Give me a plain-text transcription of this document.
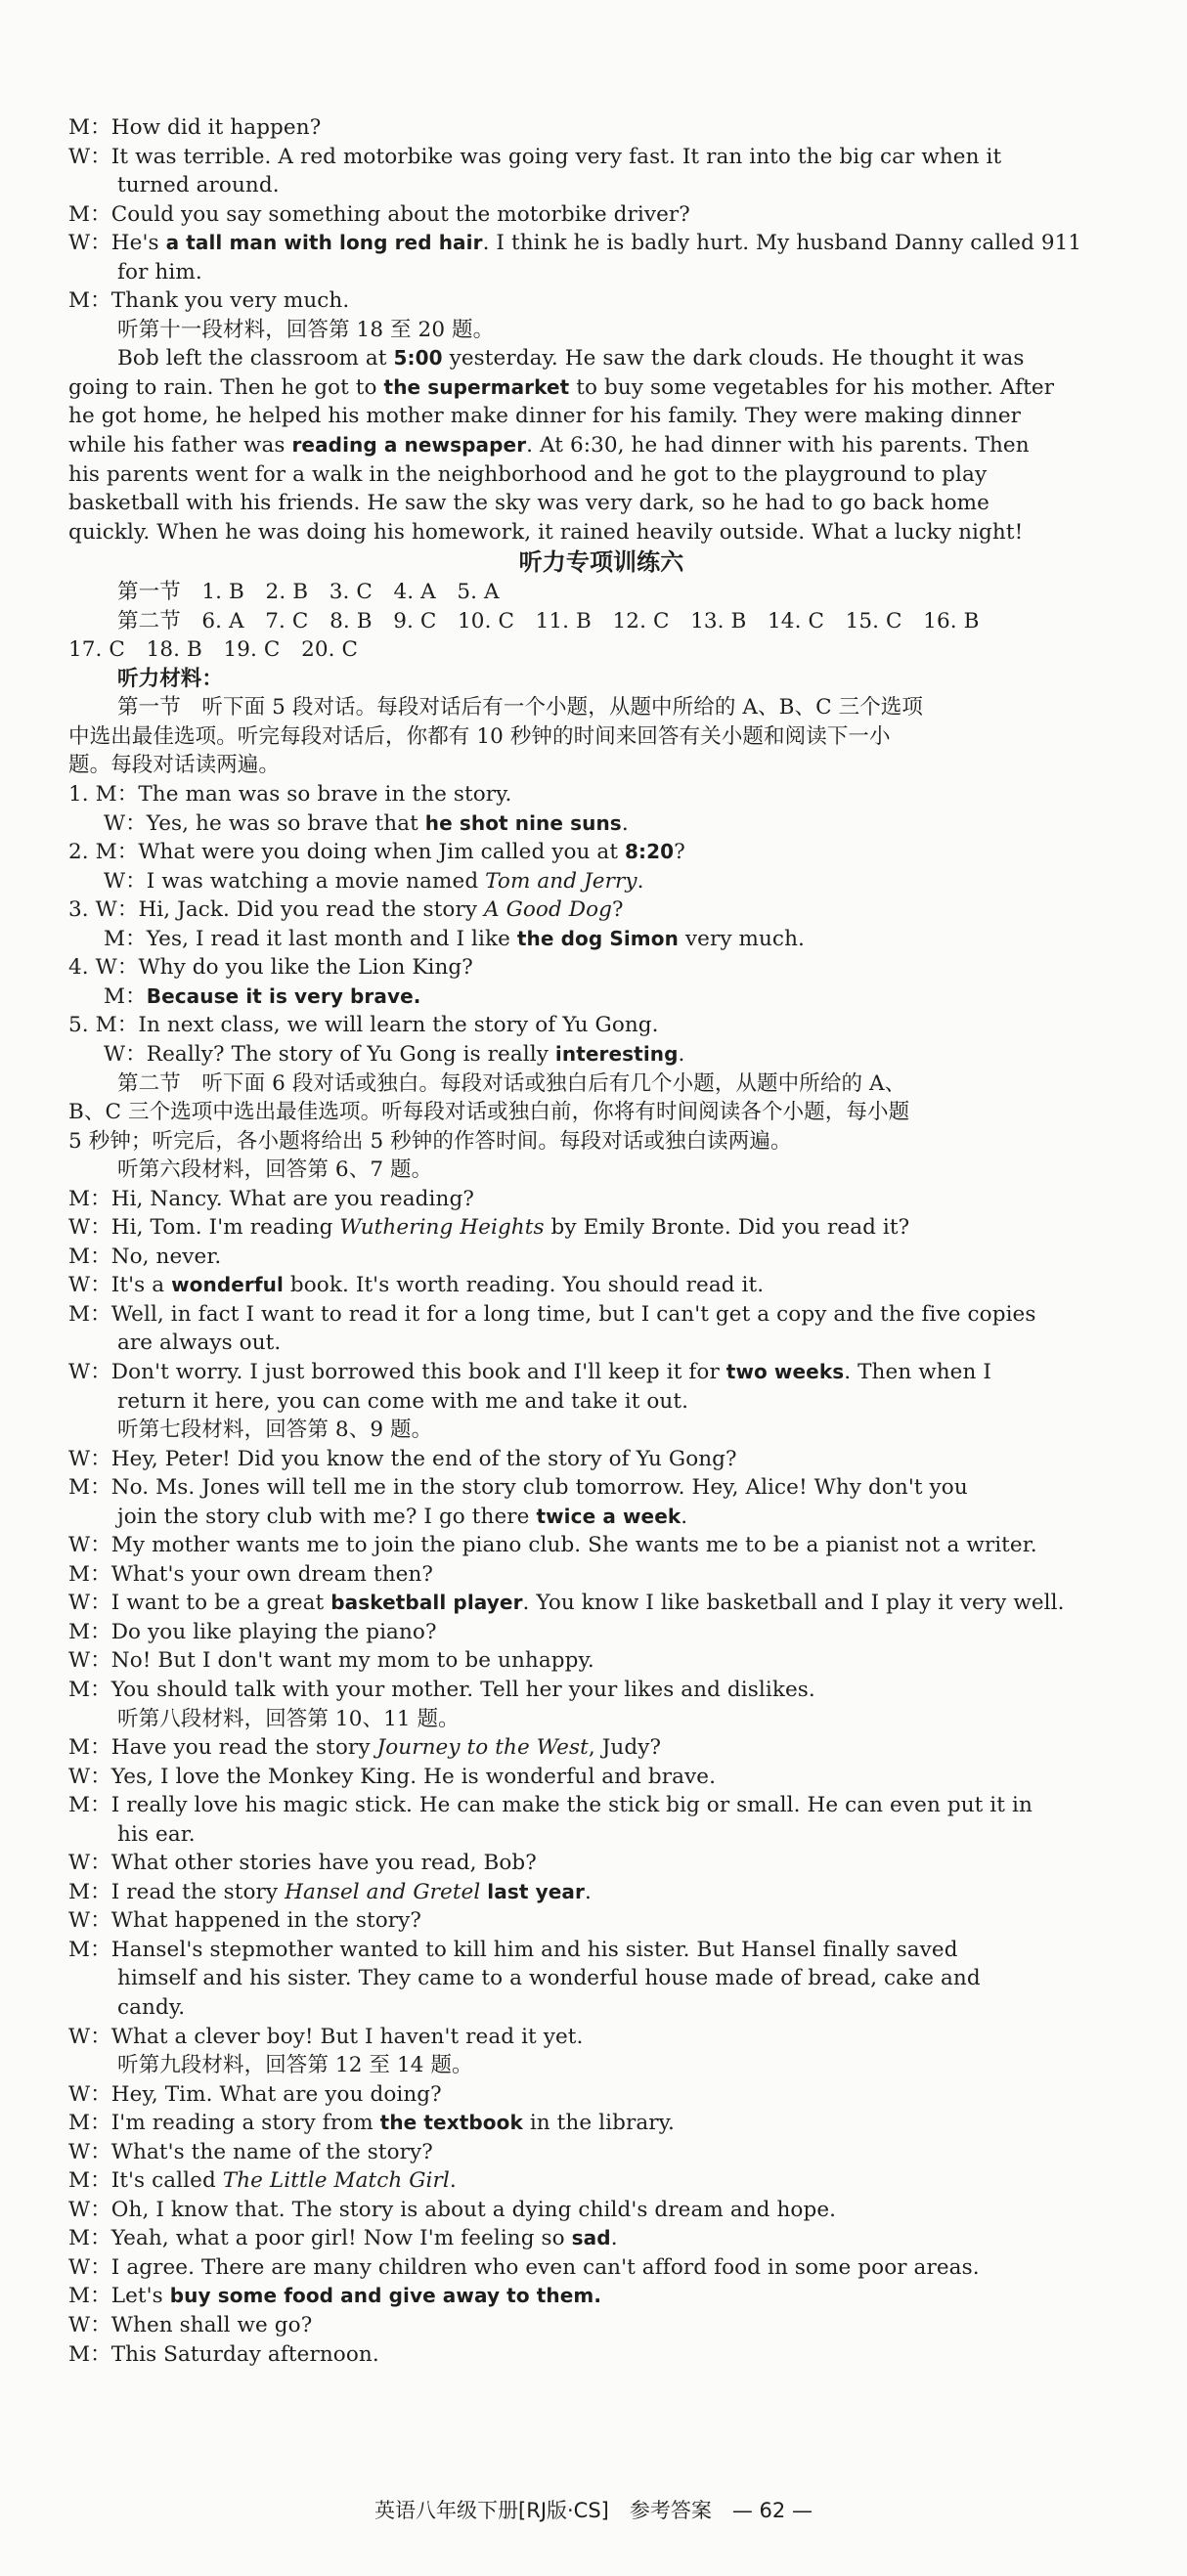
M：How did it happen?
W：It was terrible. A red motorbike was going very fast. It ran into the big car when it
turned around.
M：Could you say something about the motorbike driver?
W：He's a tall man with long red hair. I think he is badly hurt. My husband Danny called 911
for him.
M：Thank you very much.
听第十一段材料，回答第 18 至 20 题。
Bob left the classroom at 5:00 yesterday. He saw the dark clouds. He thought it was
going to rain. Then he got to the supermarket to buy some vegetables for his mother. After
he got home, he helped his mother make dinner for his family. They were making dinner
while his father was reading a newspaper. At 6:30, he had dinner with his parents. Then
his parents went for a walk in the neighborhood and he got to the playground to play
basketball with his friends. He saw the sky was very dark, so he had to go back home
quickly. When he was doing his homework, it rained heavily outside. What a lucky night!
听力专项训练六
第一节　1. B　2. B　3. C　4. A　5. A
第二节　6. A　7. C　8. B　9. C　10. C　11. B　12. C　13. B　14. C　15. C　16. B
17. C　18. B　19. C　20. C
听力材料：
第一节　听下面 5 段对话。每段对话后有一个小题，从题中所给的 A、B、C 三个选项
中选出最佳选项。听完每段对话后，你都有 10 秒钟的时间来回答有关小题和阅读下一小
题。每段对话读两遍。
1. M：The man was so brave in the story.
W：Yes, he was so brave that he shot nine suns.
2. M：What were you doing when Jim called you at 8:20?
W：I was watching a movie named Tom and Jerry.
3. W：Hi, Jack. Did you read the story A Good Dog?
M：Yes, I read it last month and I like the dog Simon very much.
4. W：Why do you like the Lion King?
M：Because it is very brave.
5. M：In next class, we will learn the story of Yu Gong.
W：Really? The story of Yu Gong is really interesting.
第二节　听下面 6 段对话或独白。每段对话或独白后有几个小题，从题中所给的 A、
B、C 三个选项中选出最佳选项。听每段对话或独白前，你将有时间阅读各个小题，每小题
5 秒钟；听完后，各小题将给出 5 秒钟的作答时间。每段对话或独白读两遍。
听第六段材料，回答第 6、7 题。
M：Hi, Nancy. What are you reading?
W：Hi, Tom. I'm reading Wuthering Heights by Emily Bronte. Did you read it?
M：No, never.
W：It's a wonderful book. It's worth reading. You should read it.
M：Well, in fact I want to read it for a long time, but I can't get a copy and the five copies
are always out.
W：Don't worry. I just borrowed this book and I'll keep it for two weeks. Then when I
return it here, you can come with me and take it out.
听第七段材料，回答第 8、9 题。
W：Hey, Peter! Did you know the end of the story of Yu Gong?
M：No. Ms. Jones will tell me in the story club tomorrow. Hey, Alice! Why don't you
join the story club with me? I go there twice a week.
W：My mother wants me to join the piano club. She wants me to be a pianist not a writer.
M：What's your own dream then?
W：I want to be a great basketball player. You know I like basketball and I play it very well.
M：Do you like playing the piano?
W：No! But I don't want my mom to be unhappy.
M：You should talk with your mother. Tell her your likes and dislikes.
听第八段材料，回答第 10、11 题。
M：Have you read the story Journey to the West, Judy?
W：Yes, I love the Monkey King. He is wonderful and brave.
M：I really love his magic stick. He can make the stick big or small. He can even put it in
his ear.
W：What other stories have you read, Bob?
M：I read the story Hansel and Gretel last year.
W：What happened in the story?
M：Hansel's stepmother wanted to kill him and his sister. But Hansel finally saved
himself and his sister. They came to a wonderful house made of bread, cake and
candy.
W：What a clever boy! But I haven't read it yet.
听第九段材料，回答第 12 至 14 题。
W：Hey, Tim. What are you doing?
M：I'm reading a story from the textbook in the library.
W：What's the name of the story?
M：It's called The Little Match Girl.
W：Oh, I know that. The story is about a dying child's dream and hope.
M：Yeah, what a poor girl! Now I'm feeling so sad.
W：I agree. There are many children who even can't afford food in some poor areas.
M：Let's buy some food and give away to them.
W：When shall we go?
M：This Saturday afternoon.
英语八年级下册[RJ版·CS]　参考答案　— 62 —
